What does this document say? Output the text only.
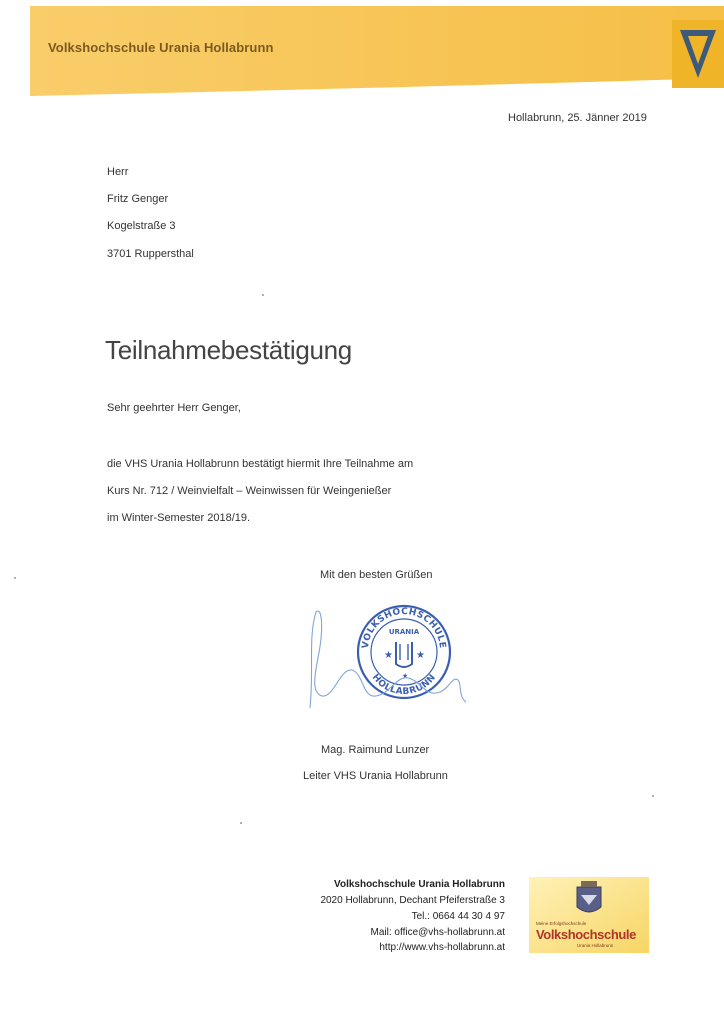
Volkshochschule Urania Hollabrunn
Hollabrunn, 25. Jänner 2019
Herr
Fritz Genger
Kogelstraße 3
3701 Ruppersthal
Teilnahmebestätigung
Sehr geehrter Herr Genger,
die VHS Urania Hollabrunn bestätigt hiermit Ihre Teilnahme am
Kurs Nr. 712 / Weinvielfalt – Weinwissen für Weingenießer
im Winter-Semester 2018/19.
Mit den besten Grüßen
VOLKSHOCHSCHULE
HOLLABRUNN
URANIA
★ ★
★
Mag. Raimund Lunzer
Leiter VHS Urania Hollabrunn
Volkshochschule Urania Hollabrunn
2020 Hollabrunn, Dechant Pfeiferstraße 3
Tel.: 0664 44 30 4 97
Mail: office@vhs-hollabrunn.at
http://www.vhs-hollabrunn.at
Meine Erfolgshochschule
Volkshochschule
Urania Hollabrunn
